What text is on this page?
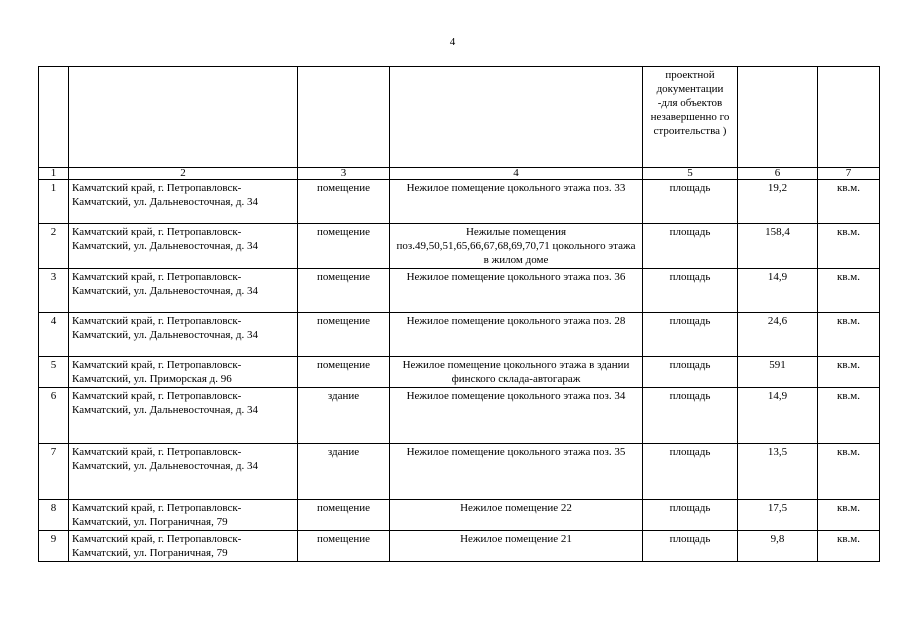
4

				проектной документации -для объектов незавершенно го строительства )		

1	2	3	4	5	6	7
1	Камчатский край, г. Петропавловск-Камчатский, ул. Дальневосточная, д. 34	помещение	Нежилое помещение цокольного этажа поз. 33	площадь	19,2	кв.м.
2	Камчатский край, г. Петропавловск-Камчатский, ул. Дальневосточная, д. 34	помещение	Нежилые помещения поз.49,50,51,65,66,67,68,69,70,71 цокольного этажа в жилом доме	площадь	158,4	кв.м.
3	Камчатский край, г. Петропавловск-Камчатский, ул. Дальневосточная, д. 34	помещение	Нежилое помещение цокольного этажа поз. 36	площадь	14,9	кв.м.
4	Камчатский край, г. Петропавловск-Камчатский, ул. Дальневосточная, д. 34	помещение	Нежилое помещение цокольного этажа поз. 28	площадь	24,6	кв.м.
5	Камчатский край, г. Петропавловск-Камчатский, ул. Приморская д. 96	помещение	Нежилое помещение цокольного этажа в здании финского склада-автогараж	площадь	591	кв.м.
6	Камчатский край, г. Петропавловск-Камчатский, ул. Дальневосточная, д. 34	здание	Нежилое помещение цокольного этажа поз. 34	площадь	14,9	кв.м.
7	Камчатский край, г. Петропавловск-Камчатский, ул. Дальневосточная, д. 34	здание	Нежилое помещение цокольного этажа поз. 35	площадь	13,5	кв.м.
8	Камчатский край, г. Петропавловск-Камчатский, ул. Пограничная, 79	помещение	Нежилое помещение 22	площадь	17,5	кв.м.
9	Камчатский край, г. Петропавловск-Камчатский, ул. Пограничная, 79	помещение	Нежилое помещение 21	площадь	9,8	кв.м.
